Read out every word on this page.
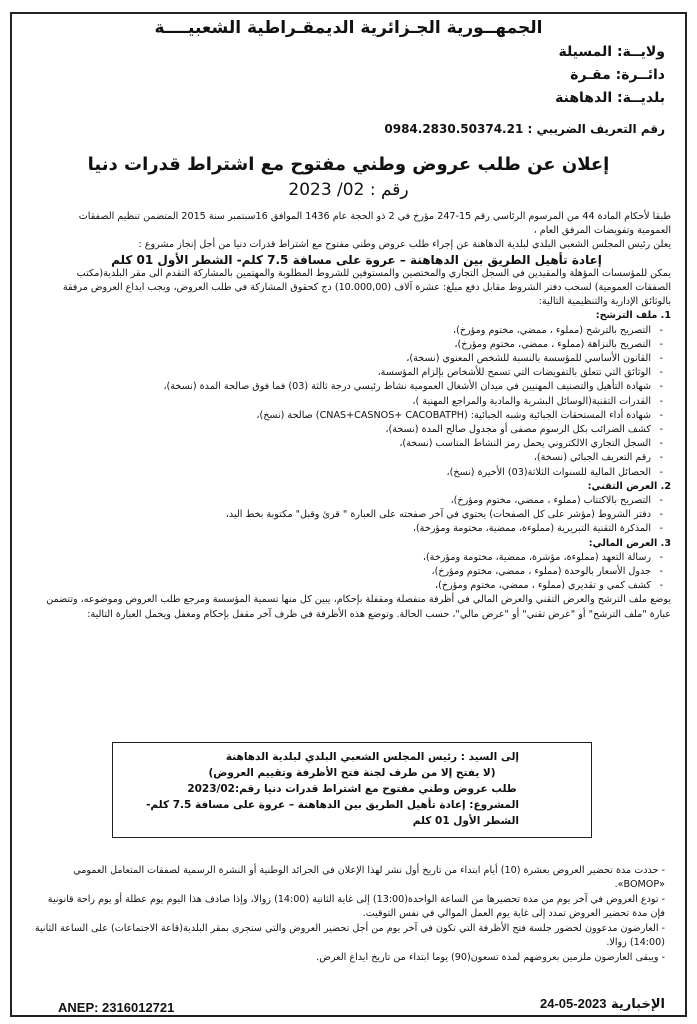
الجمهــورية الجـزائرية الديمقـراطية الشعبيــــة
ولايــة: المسيلة
دائــرة: مقـرة
بلديــة: الدهاهنة
رقم التعريف الضريبي : 0984.2830.50374.21
إعلان عن طلب عروض وطني مفتوح مع اشتراط قدرات دنيا
رقم : 02/ 2023

طبقا لأحكام المادة 44 من المرسوم الرئاسي رقم 15-247 مؤرخ في 2 ذو الحجة عام 1436 الموافق 16سبتمبر سنة 2015 المتضمن تنظيم الصفقات العمومية وتفويضات المرفق العام ،

يعلن رئيس المجلس الشعبي البلدي لبلدية الدهاهنة عن إجراء طلب عروض وطني مفتوح مع اشتراط قدرات دنيا من أجل إنجاز مشروع :

إعادة تأهيل الطريق بين الدهاهنة – عروة على مسافة 7.5 كلم- الشطر الأول 01 كلم

يمكن للمؤسسات المؤهلة والمقيدين في السجل التجاري والمختصين والمستوفين للشروط المطلوبة والمهتمين بالمشاركة التقدم الى مقر البلدية(مكتب الصفقات العمومية) لسحب دفتر الشروط مقابل دفع مبلغ: عشرة آلاف (10.000,00) دج كحقوق المشاركة في طلب العروض، ويجب ايداع العروض مرفقة بالوثائق الإدارية والتنظيمية التالية:

1. ملف الترشح:

- التصريح بالترشح (مملوء ، ممضي، مختوم ومؤرخ)،
- التصريح بالنزاهة (مملوء ، ممضي، مختوم ومؤرخ)،
- القانون الأساسي للمؤسسة بالنسبة للشخص المعنوي (نسخة)،
- الوثائق التي تتعلق بالتفويضات التي تسمح للأشخاص بإلزام المؤسسة،
- شهادة التأهيل والتصنيف المهنيين في ميدان الأشغال العمومية نشاط رئيسي درجة ثالثة (03) فما فوق صالحة المدة (نسخة)،
- القدرات التقنية(الوسائل البشرية والمادية والمراجع المهنية )،
- شهادة أداء المستحقات الجبائية وشبه الجبائية: (CNAS+CASNOS+ CACOBATPH) صالحة (نسخ)،
- كشف الضرائب بكل الرسوم مصفى أو مجدول صالح المدة (نسخة)،
- السجل التجاري الالكتروني يحمل رمز النشاط المناسب (نسخة)،
- رقم التعريف الجبائي (نسخة)،
- الحصائل المالية للسنوات الثلاثة(03) الأخيرة (نسخ)،

2. العرض التقني:

- التصريح بالاكتتاب (مملوء ، ممضي، مختوم ومؤرخ)،
- دفتر الشروط (مؤشر على كل الصفحات) يحتوي في آخر صفحته على العبارة " قرئ وقبل" مكتوبة بخط اليد،
- المذكرة التقنية التبريرية (مملوءة، ممضية، مختومة ومؤرخة)،

3. العرض المالي:

- رسالة التعهد (مملوءة، مؤشرة، ممضية، مختومة ومؤرخة)،
- جدول الأسعار بالوحدة (مملوء ، ممضي، مختوم ومؤرخ)،
- كشف كمي و تقديري (مملوء ، ممضي، مختوم ومؤرخ)،

يوضع ملف الترشح والعرض التقني والعرض المالي في أظرفة منفصلة ومقفلة بإحكام، يبين كل منها تسمية المؤسسة ومرجع طلب العروض وموضوعه، وتتضمن عبارة "ملف الترشح" أو "عرض تقني" أو "عرض مالي"، حسب الحالة. وتوضع هذه الأظرفة في ظرف آخر مقفل بإحكام ومغفل ويحمل العبارة التالية:

إلى السيد : رئيس المجلس الشعبي البلدي لبلدية الدهاهنة
(لا يفتح إلا من طرف لجنة فتح الأظرفة وتقييم العروض)
طلب عروض وطني مفتوح مع اشتراط قدرات دنيا رقم:2023/02
المشروع: إعادة تأهيل الطريق بين الدهاهنة – عروة على مسافة 7.5 كلم- الشطر الأول 01 كلم

- حددت مدة تحضير العروض بعشرة (10) أيام ابتداء من تاريخ أول نشر لهذا الإعلان في الجرائد الوطنية أو النشرة الرسمية لصفقات المتعامل العمومي «BOMOP».

- تودع العروض في آخر يوم من مدة تحضيرها من الساعة الواحدة(13:00) إلى غاية الثانية (14:00) زوالا، وإذا صادف هذا اليوم يوم عطلة أو يوم راحة قانونية فإن مدة تحضير العروض تمدد إلى غاية يوم العمل الموالي في نفس التوقيت.

- العارضون مدعوون لحضور جلسة فتح الأظرفة التي تكون في آخر يوم من أجل تحضير العروض والتي ستجرى بمقر البلدية(قاعة الاجتماعات) على الساعة الثانية (14:00) زوالا.

- ويبقى العارضون ملزمين بعروضهم لمدة تسعون(90) يوما ابتداء من تاريخ ايداع العرض.

ANEP: 2316012721	الإخبارية 2023-05-24
